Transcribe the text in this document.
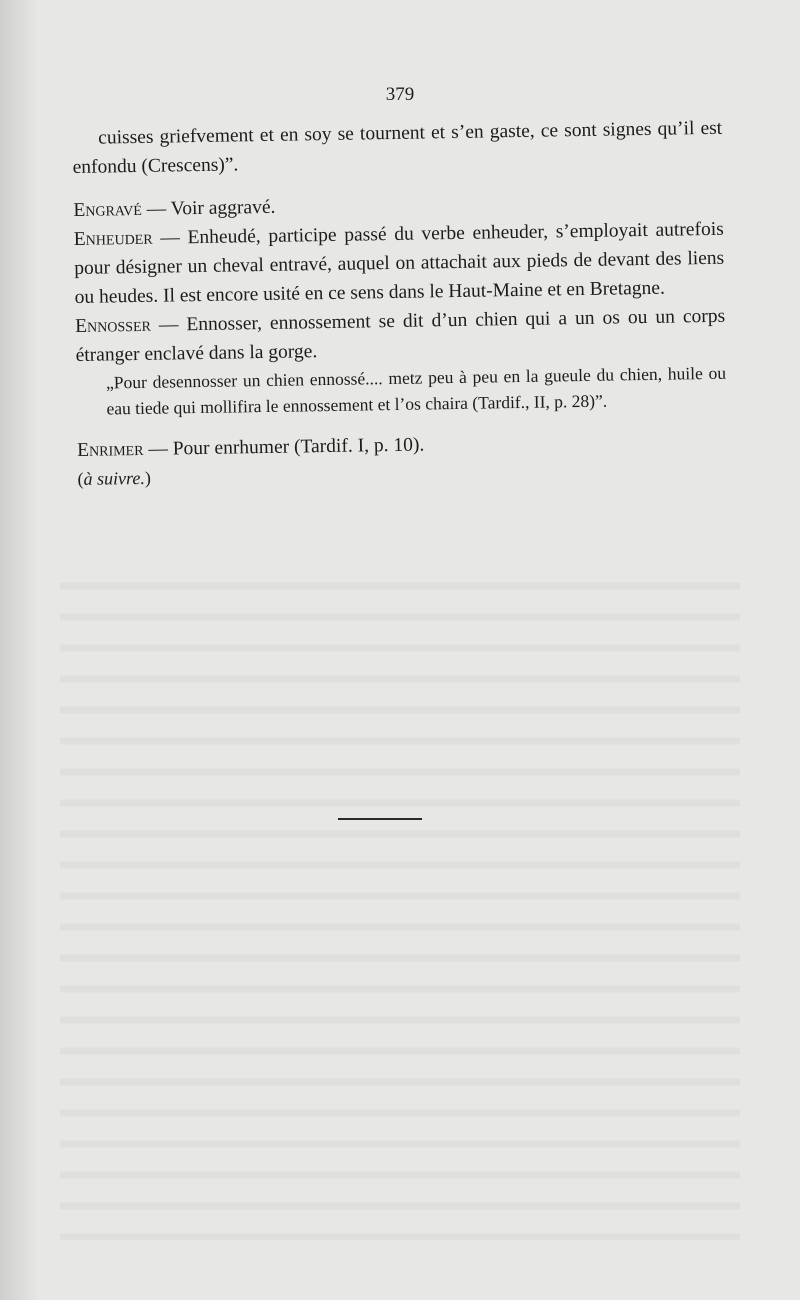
379

cuisses griefvement et en soy se tournent et s’en gaste, ce sont signes qu’il est enfondu (Crescens)”.

Engravé — Voir aggravé.

Enheuder — Enheudé, participe passé du verbe enheuder, s’employait autrefois pour désigner un cheval entravé, auquel on attachait aux pieds de devant des liens ou heudes. Il est encore usité en ce sens dans le Haut-Maine et en Bretagne.

Ennosser — Ennosser, ennossement se dit d’un chien qui a un os ou un corps étranger enclavé dans la gorge.

„Pour desennosser un chien ennossé.... metz peu à peu en la gueule du chien, huile ou eau tiede qui mollifira le ennossement et l’os chaira (Tardif., II, p. 28)”.

Enrimer — Pour enrhumer (Tardif. I, p. 10).

(à suivre.)
